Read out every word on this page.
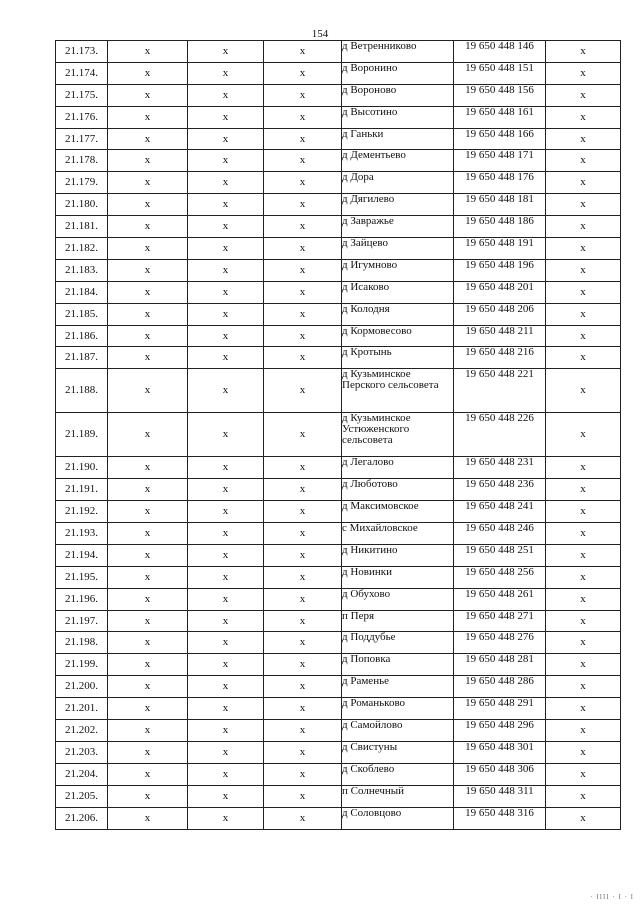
154
21.173.	x	x	x	д Ветренниково	19 650 448 146	x
21.174.	x	x	x	д Воронино	19 650 448 151	x
21.175.	x	x	x	д Вороново	19 650 448 156	x
21.176.	x	x	x	д Высотино	19 650 448 161	x
21.177.	x	x	x	д Ганьки	19 650 448 166	x
21.178.	x	x	x	д Дементьево	19 650 448 171	x
21.179.	x	x	x	д Дора	19 650 448 176	x
21.180.	x	x	x	д Дягилево	19 650 448 181	x
21.181.	x	x	x	д Завражье	19 650 448 186	x
21.182.	x	x	x	д Зайцево	19 650 448 191	x
21.183.	x	x	x	д Игумново	19 650 448 196	x
21.184.	x	x	x	д Исаково	19 650 448 201	x
21.185.	x	x	x	д Колодня	19 650 448 206	x
21.186.	x	x	x	д Кормовесово	19 650 448 211	x
21.187.	x	x	x	д Кротынь	19 650 448 216	x
21.188.	x	x	x	д Кузьминское Перского сельсовета	19 650 448 221	x
21.189.	x	x	x	д Кузьминское Устюженского сельсовета	19 650 448 226	x
21.190.	x	x	x	д Легалово	19 650 448 231	x
21.191.	x	x	x	д Люботово	19 650 448 236	x
21.192.	x	x	x	д Максимовское	19 650 448 241	x
21.193.	x	x	x	с Михайловское	19 650 448 246	x
21.194.	x	x	x	д Никитино	19 650 448 251	x
21.195.	x	x	x	д Новинки	19 650 448 256	x
21.196.	x	x	x	д Обухово	19 650 448 261	x
21.197.	x	x	x	п Перя	19 650 448 271	x
21.198.	x	x	x	д Поддубье	19 650 448 276	x
21.199.	x	x	x	д Поповка	19 650 448 281	x
21.200.	x	x	x	д Раменье	19 650 448 286	x
21.201.	x	x	x	д Романьково	19 650 448 291	x
21.202.	x	x	x	д Самойлово	19 650 448 296	x
21.203.	x	x	x	д Свистуны	19 650 448 301	x
21.204.	x	x	x	д Скоблево	19 650 448 306	x
21.205.	x	x	x	п Солнечный	19 650 448 311	x
21.206.	x	x	x	д Соловцово	19 650 448 316	x
· IIII · I · I
